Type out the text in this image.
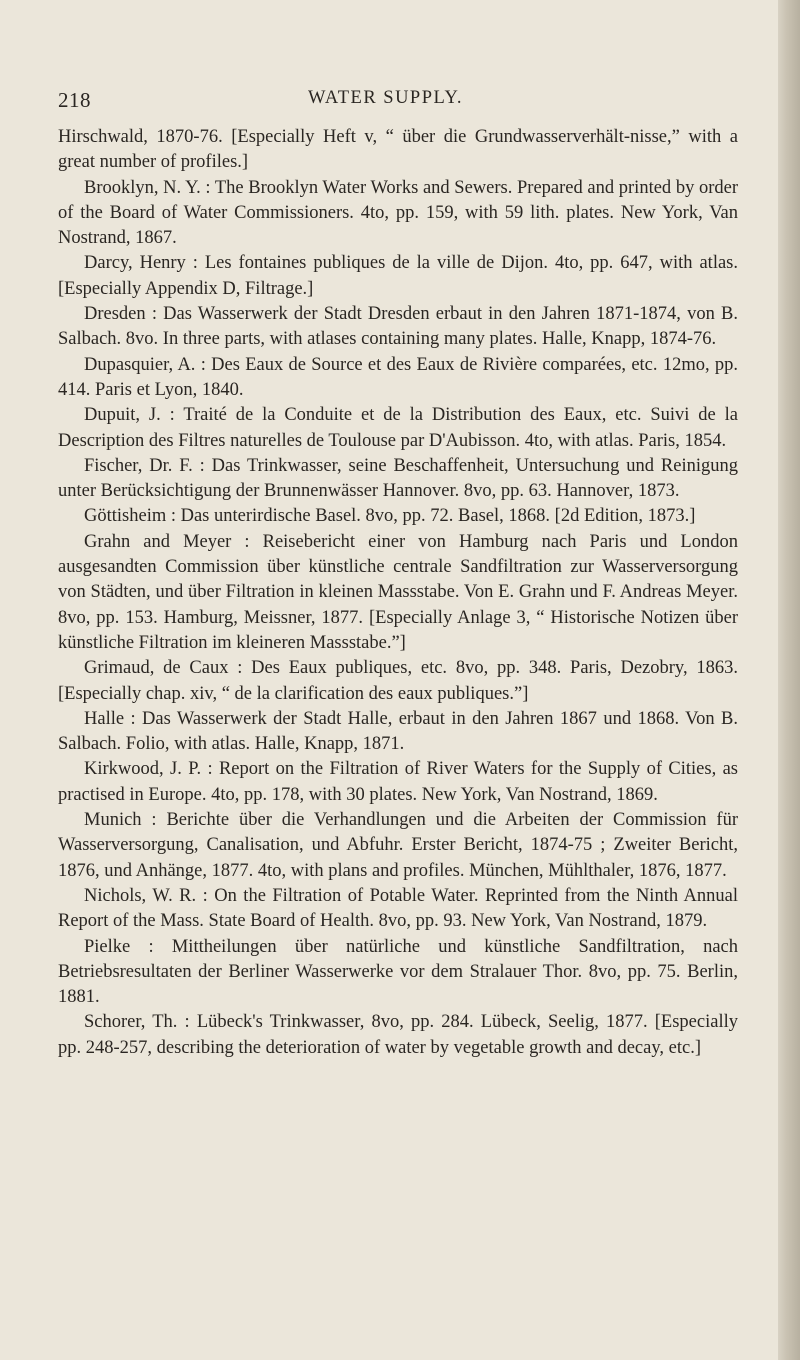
218	WATER SUPPLY.

Hirschwald, 1870-76. [Especially Heft v, “ über die Grundwasserverhält-nisse,” with a great number of profiles.]

Brooklyn, N. Y. : The Brooklyn Water Works and Sewers. Prepared and printed by order of the Board of Water Commissioners. 4to, pp. 159, with 59 lith. plates. New York, Van Nostrand, 1867.

Darcy, Henry : Les fontaines publiques de la ville de Dijon. 4to, pp. 647, with atlas. [Especially Appendix D, Filtrage.]

Dresden : Das Wasserwerk der Stadt Dresden erbaut in den Jahren 1871-1874, von B. Salbach. 8vo. In three parts, with atlases containing many plates. Halle, Knapp, 1874-76.

Dupasquier, A. : Des Eaux de Source et des Eaux de Rivière comparées, etc. 12mo, pp. 414. Paris et Lyon, 1840.

Dupuit, J. : Traité de la Conduite et de la Distribution des Eaux, etc. Suivi de la Description des Filtres naturelles de Toulouse par D'Aubisson. 4to, with atlas. Paris, 1854.

Fischer, Dr. F. : Das Trinkwasser, seine Beschaffenheit, Untersuchung und Reinigung unter Berücksichtigung der Brunnenwässer Hannover. 8vo, pp. 63. Hannover, 1873.

Göttisheim : Das unterirdische Basel. 8vo, pp. 72. Basel, 1868. [2d Edition, 1873.]

Grahn and Meyer : Reisebericht einer von Hamburg nach Paris und London ausgesandten Commission über künstliche centrale Sandfiltration zur Wasserversorgung von Städten, und über Filtration in kleinen Massstabe. Von E. Grahn und F. Andreas Meyer. 8vo, pp. 153. Hamburg, Meissner, 1877. [Especially Anlage 3, “ Historische Notizen über künstliche Filtration im kleineren Massstabe.”]

Grimaud, de Caux : Des Eaux publiques, etc. 8vo, pp. 348. Paris, Dezobry, 1863. [Especially chap. xiv, “ de la clarification des eaux publiques.”]

Halle : Das Wasserwerk der Stadt Halle, erbaut in den Jahren 1867 und 1868. Von B. Salbach. Folio, with atlas. Halle, Knapp, 1871.

Kirkwood, J. P. : Report on the Filtration of River Waters for the Supply of Cities, as practised in Europe. 4to, pp. 178, with 30 plates. New York, Van Nostrand, 1869.

Munich : Berichte über die Verhandlungen und die Arbeiten der Commission für Wasserversorgung, Canalisation, und Abfuhr. Erster Bericht, 1874-75 ; Zweiter Bericht, 1876, und Anhänge, 1877. 4to, with plans and profiles. München, Mühlthaler, 1876, 1877.

Nichols, W. R. : On the Filtration of Potable Water. Reprinted from the Ninth Annual Report of the Mass. State Board of Health. 8vo, pp. 93. New York, Van Nostrand, 1879.

Pielke : Mittheilungen über natürliche und künstliche Sandfiltration, nach Betriebsresultaten der Berliner Wasserwerke vor dem Stralauer Thor. 8vo, pp. 75. Berlin, 1881.

Schorer, Th. : Lübeck's Trinkwasser, 8vo, pp. 284. Lübeck, Seelig, 1877. [Especially pp. 248-257, describing the deterioration of water by vegetable growth and decay, etc.]
